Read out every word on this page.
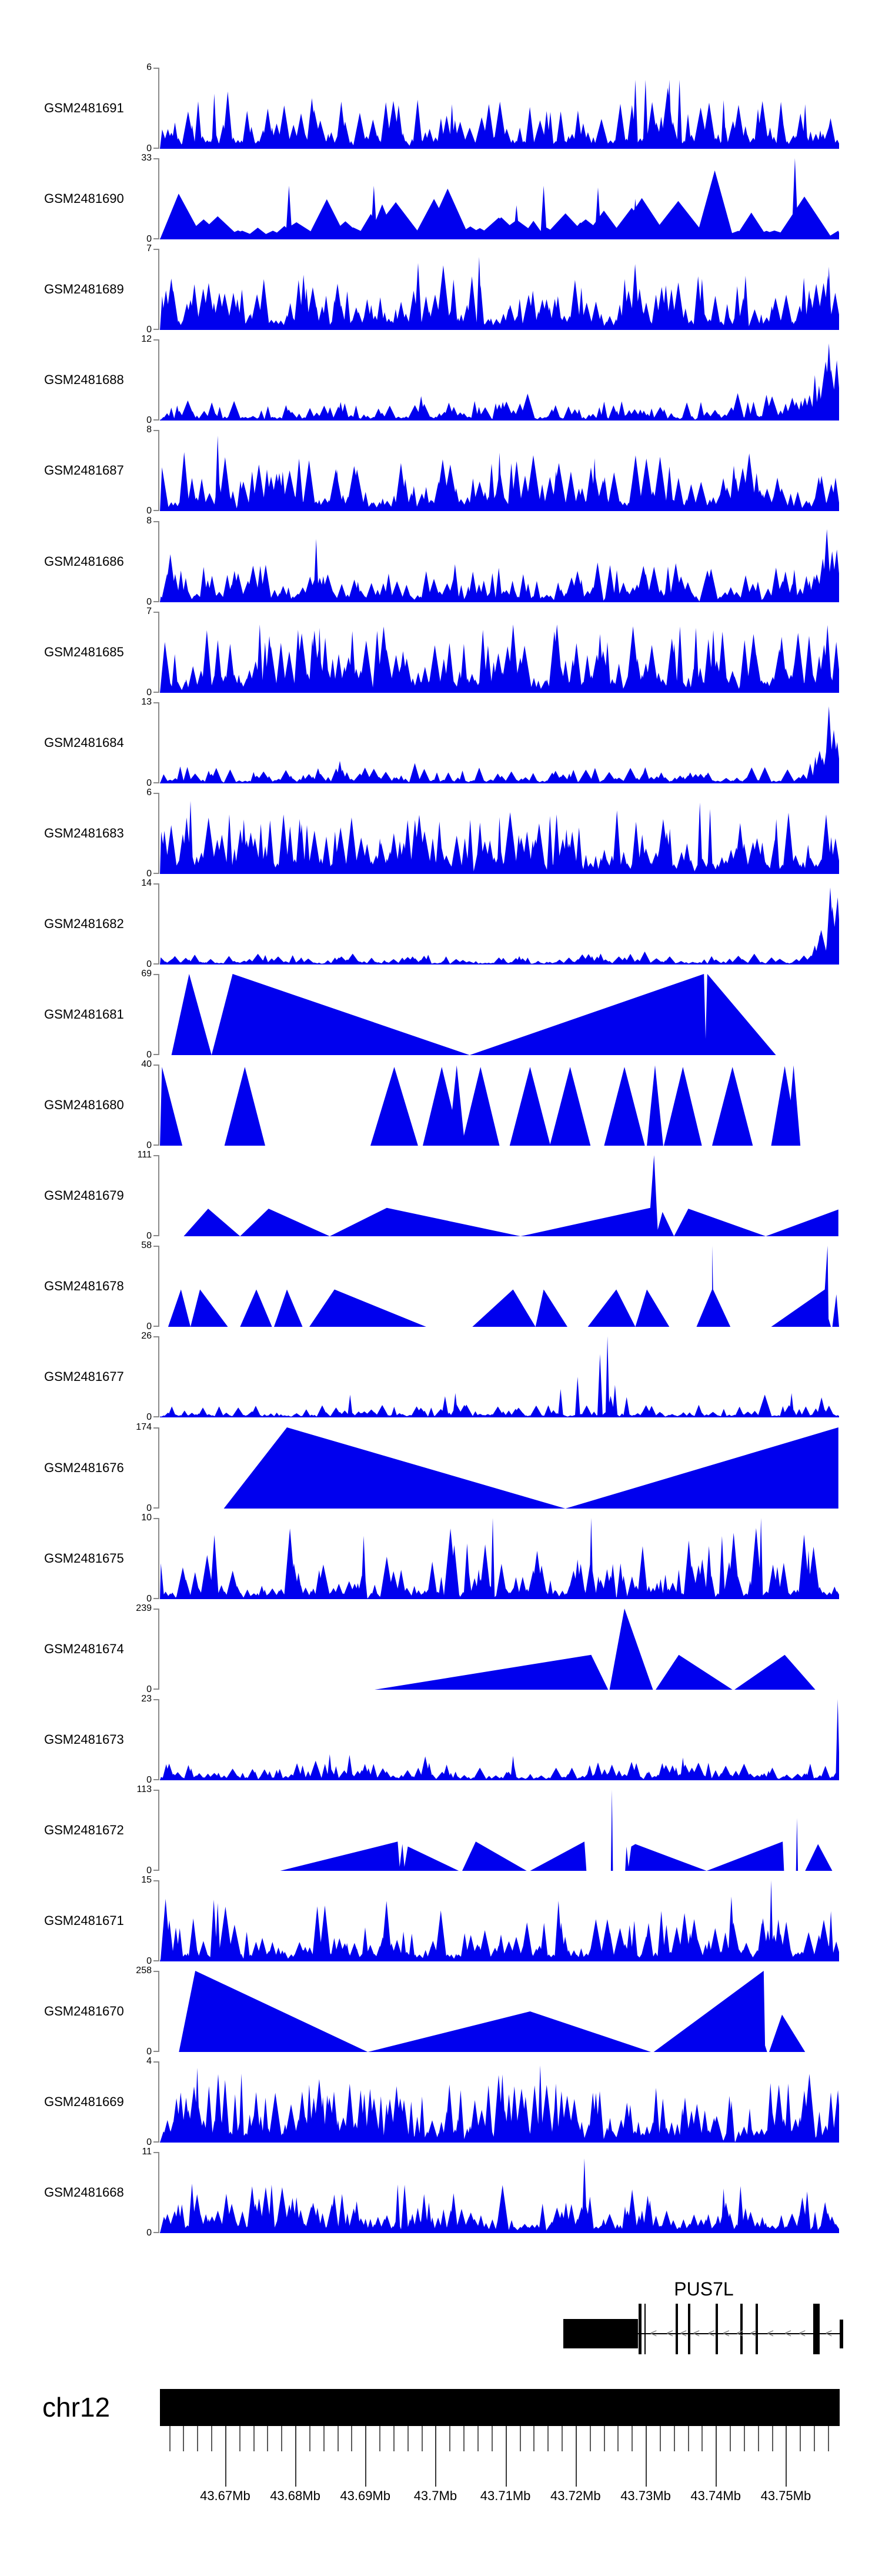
GSM2481691
6
0
GSM2481690
33
0
GSM2481689
7
0
GSM2481688
12
0
GSM2481687
8
0
GSM2481686
8
0
GSM2481685
7
0
GSM2481684
13
0
GSM2481683
6
0
GSM2481682
14
0
GSM2481681
69
0
GSM2481680
40
0
GSM2481679
111
0
GSM2481678
58
0
GSM2481677
26
0
GSM2481676
174
0
GSM2481675
10
0
GSM2481674
239
0
GSM2481673
23
0
GSM2481672
113
0
GSM2481671
15
0
GSM2481670
258
0
GSM2481669
4
0
GSM2481668
11
0
PUS7L
< < < < < < < < < < < <
chr12
43.67Mb	43.68Mb	43.69Mb	43.7Mb	43.71Mb	43.72Mb	43.73Mb	43.74Mb	43.75Mb
